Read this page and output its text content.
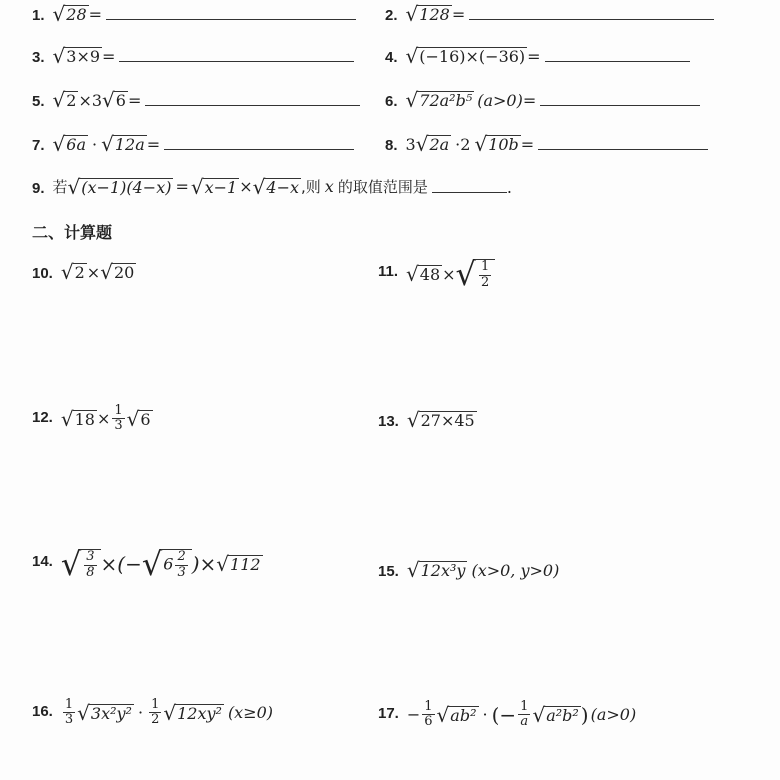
1. √ 28 =	2. √ 128 =
3. √ 3×9 =	4. √ (−16)×(−36) =
5. √ 2 ×3 √ 6 =	6. √ 72a²b⁵ (a>0) =
7. √ 6a · √ 12a =	8. 3 √ 2a ·2 √ 10b =
9. 若 √ (x−1)(4−x) = √ x−1 × √ 4−x ,则 x 的取值范围是	.
二、计算题
10. √ 2 × √ 20	11. √ 48 × √ $\frac{1}{2}$
12. √ $18 \times \frac{1}{3}$ √ 6	13. √ 27×45
14. √ $\frac{3}{8}$ ×(− √ $6 \frac{2}{3}$ )× √ 112	15. √ 12x³y (x>0, y>0)
16. $\frac{1}{3}$ √ $3x^2y^2 \cdot \frac{1}{2}$ √ 12xy² (x≥0)	17. − $\frac{1}{6}$ √ ab² · (− $\frac{1}{a}$ √ a²b² ) (a>0)
